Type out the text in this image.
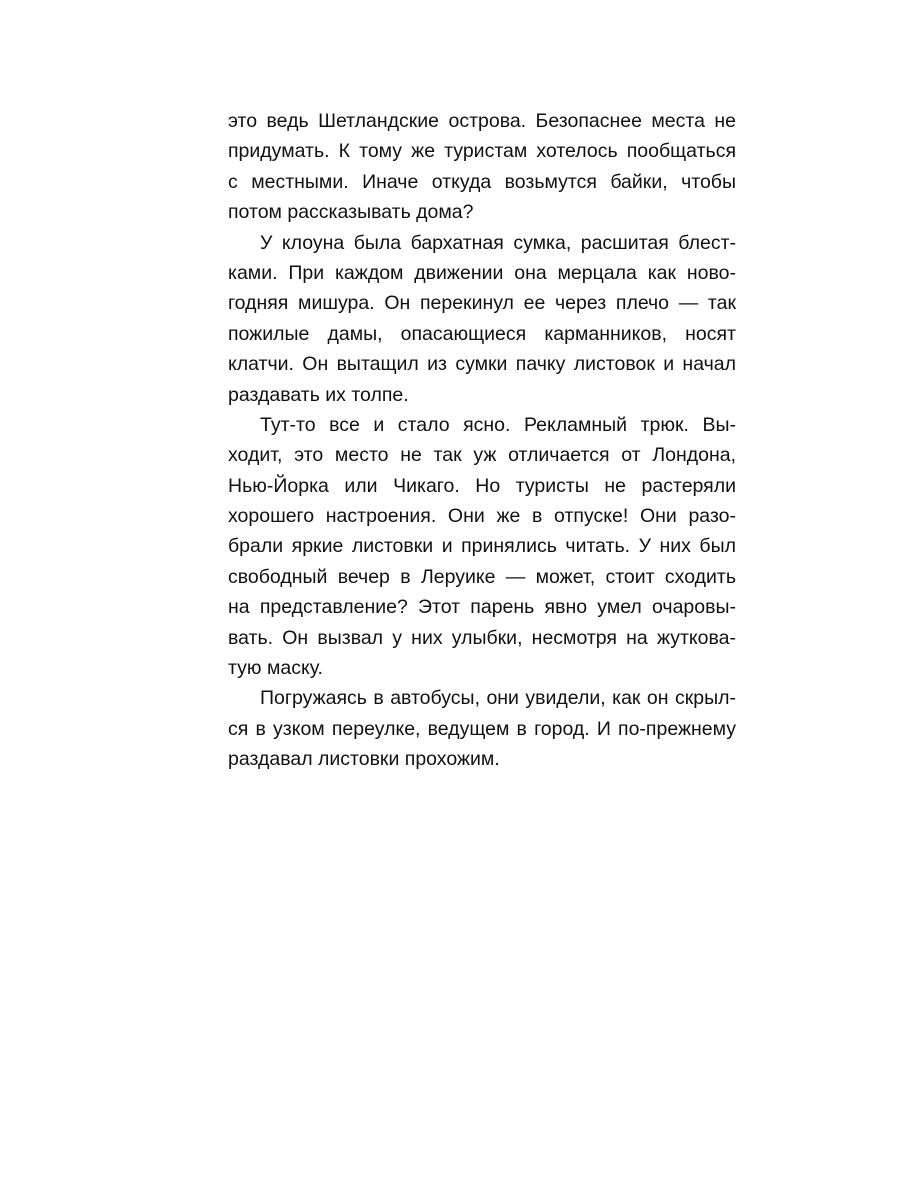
это ведь Шетландские острова. Безопаснее места не
придумать. К тому же туристам хотелось пообщаться
с местными. Иначе откуда возьмутся байки, чтобы
потом рассказывать дома?
У клоуна была бархатная сумка, расшитая блест-
ками. При каждом движении она мерцала как ново-
годняя мишура. Он перекинул ее через плечо — так
пожилые дамы, опасающиеся карманников, носят
клатчи. Он вытащил из сумки пачку листовок и начал
раздавать их толпе.
Тут-то все и стало ясно. Рекламный трюк. Вы-
ходит, это место не так уж отличается от Лондона,
Нью-Йорка или Чикаго. Но туристы не растеряли
хорошего настроения. Они же в отпуске! Они разо-
брали яркие листовки и принялись читать. У них был
свободный вечер в Леруике — может, стоит сходить
на представление? Этот парень явно умел очаровы-
вать. Он вызвал у них улыбки, несмотря на жуткова-
тую маску.
Погружаясь в автобусы, они увидели, как он скрыл-
ся в узком переулке, ведущем в город. И по-прежнему
раздавал листовки прохожим.
